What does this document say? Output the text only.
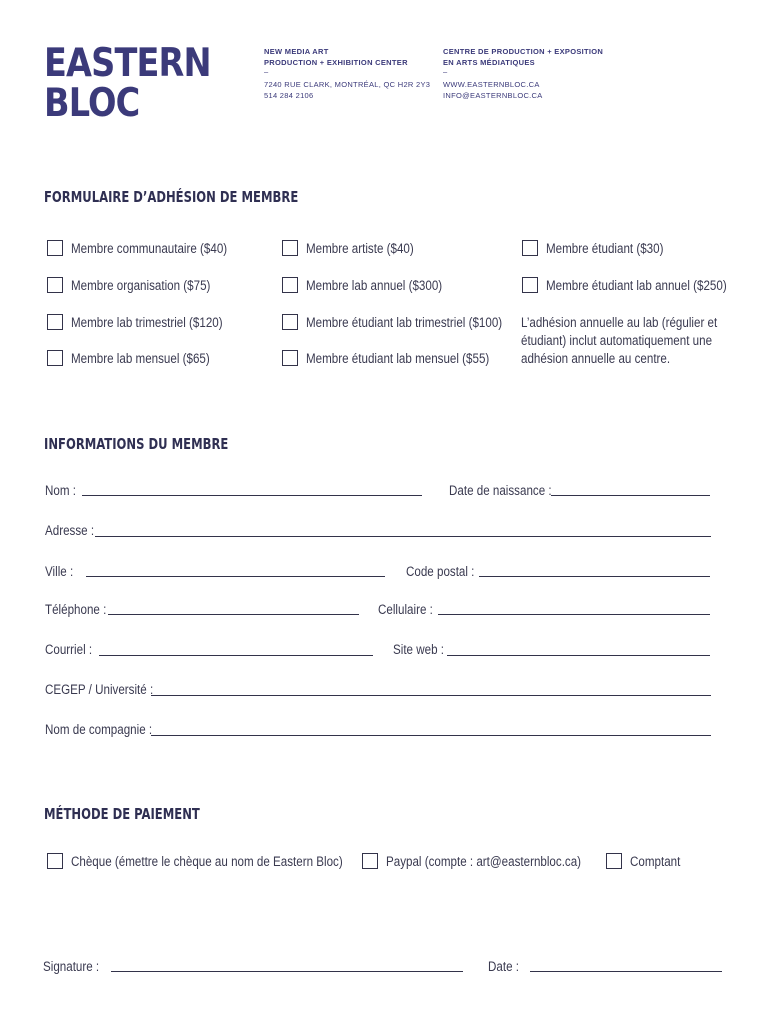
EASTERN
BLOC
NEW MEDIA ART
PRODUCTION + EXHIBITION CENTER
–
7240 RUE CLARK, MONTRÉAL, QC H2R 2Y3
514 284 2106
CENTRE DE PRODUCTION + EXPOSITION
EN ARTS MÉDIATIQUES
–
WWW.EASTERNBLOC.CA
INFO@EASTERNBLOC.CA
FORMULAIRE D’ADHÉSION DE MEMBRE
Membre communautaire ($40)	Membre artiste ($40)	Membre étudiant ($30)
Membre organisation ($75)	Membre lab annuel ($300)	Membre étudiant lab annuel ($250)
Membre lab trimestriel ($120)	Membre étudiant lab trimestriel ($100)
Membre lab mensuel ($65)	Membre étudiant lab mensuel ($55)
L’adhésion annuelle au lab (régulier et étudiant) inclut automatiquement une adhésion annuelle au centre.
INFORMATIONS DU MEMBRE
Nom :	Date de naissance :
Adresse :
Ville :	Code postal :
Téléphone :	Cellulaire :
Courriel :	Site web :
CEGEP / Université :
Nom de compagnie :
MÉTHODE DE PAIEMENT
Chèque (émettre le chèque au nom de Eastern Bloc)	Paypal (compte : art@easternbloc.ca)	Comptant
Signature :	Date :
